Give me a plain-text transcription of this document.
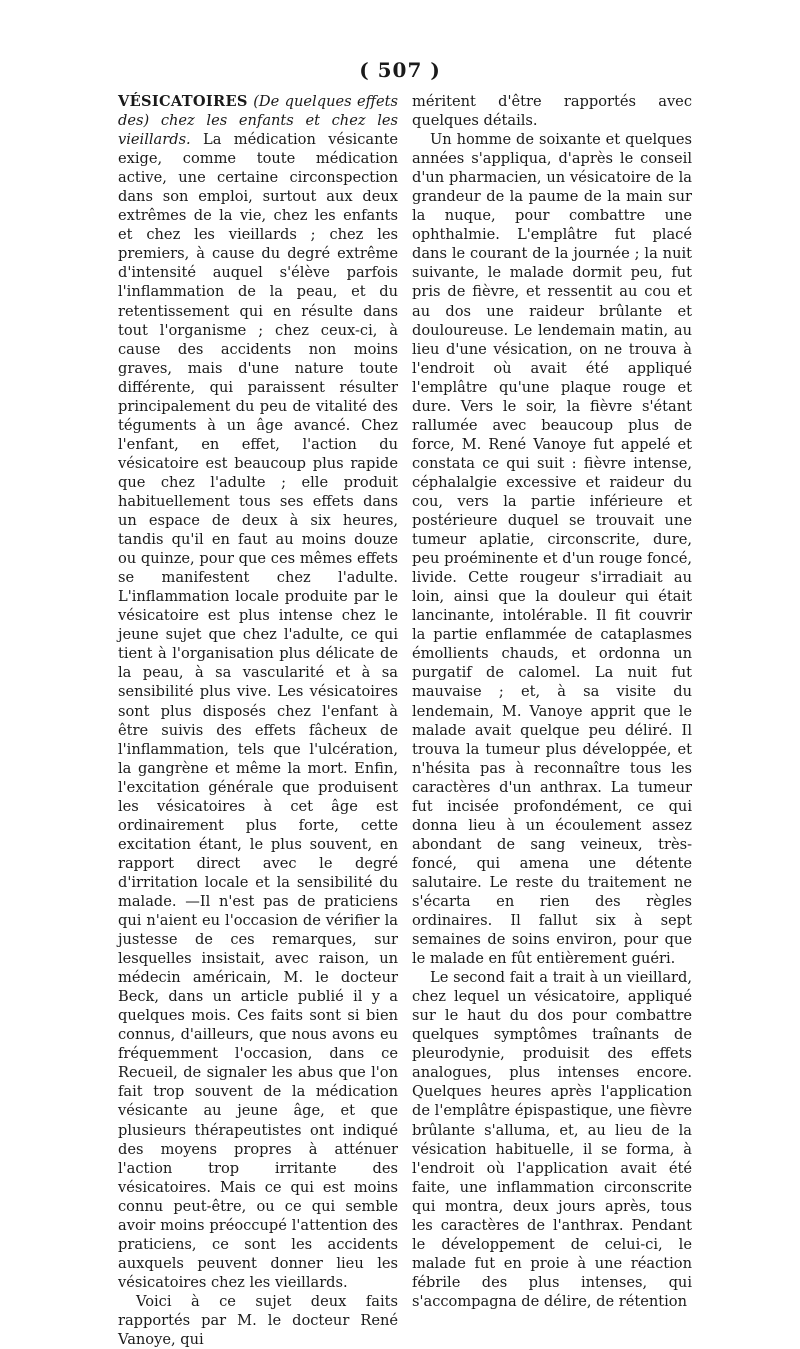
( 507 )

VÉSICATOIRES (De quelques effets des) chez les enfants et chez les vieillards. La médication vésicante exige, comme toute médication active, une certaine circonspection dans son emploi, surtout aux deux extrêmes de la vie, chez les enfants et chez les vieillards ; chez les premiers, à cause du degré extrême d'intensité auquel s'élève parfois l'inflammation de la peau, et du retentissement qui en résulte dans tout l'organisme ; chez ceux-ci, à cause des accidents non moins graves, mais d'une nature toute différente, qui paraissent résulter principalement du peu de vitalité des téguments à un âge avancé. Chez l'enfant, en effet, l'action du vésicatoire est beaucoup plus rapide que chez l'adulte ; elle produit habituellement tous ses effets dans un espace de deux à six heures, tandis qu'il en faut au moins douze ou quinze, pour que ces mêmes effets se manifestent chez l'adulte. L'inflammation locale produite par le vésicatoire est plus intense chez le jeune sujet que chez l'adulte, ce qui tient à l'organisation plus délicate de la peau, à sa vascularité et à sa sensibilité plus vive. Les vésicatoires sont plus disposés chez l'enfant à être suivis des effets fâcheux de l'inflammation, tels que l'ulcération, la gangrène et même la mort. Enfin, l'excitation générale que produisent les vésicatoires à cet âge est ordinairement plus forte, cette excitation étant, le plus souvent, en rapport direct avec le degré d'irritation locale et la sensibilité du malade. —Il n'est pas de praticiens qui n'aient eu l'occasion de vérifier la justesse de ces remarques, sur lesquelles insistait, avec raison, un médecin américain, M. le docteur Beck, dans un article publié il y a quelques mois. Ces faits sont si bien connus, d'ailleurs, que nous avons eu fréquemment l'occasion, dans ce Recueil, de signaler les abus que l'on fait trop souvent de la médication vésicante au jeune âge, et que plusieurs thérapeutistes ont indiqué des moyens propres à atténuer l'action trop irritante des vésicatoires. Mais ce qui est moins connu peut-être, ou ce qui semble avoir moins préoccupé l'attention des praticiens, ce sont les accidents auxquels peuvent donner lieu les vésicatoires chez les vieillards.

Voici à ce sujet deux faits rapportés par M. le docteur René Vanoye, qui

méritent d'être rapportés avec quelques détails.

Un homme de soixante et quelques années s'appliqua, d'après le conseil d'un pharmacien, un vésicatoire de la grandeur de la paume de la main sur la nuque, pour combattre une ophthalmie. L'emplâtre fut placé dans le courant de la journée ; la nuit suivante, le malade dormit peu, fut pris de fièvre, et ressentit au cou et au dos une raideur brûlante et douloureuse. Le lendemain matin, au lieu d'une vésication, on ne trouva à l'endroit où avait été appliqué l'emplâtre qu'une plaque rouge et dure. Vers le soir, la fièvre s'étant rallumée avec beaucoup plus de force, M. René Vanoye fut appelé et constata ce qui suit : fièvre intense, céphalalgie excessive et raideur du cou, vers la partie inférieure et postérieure duquel se trouvait une tumeur aplatie, circonscrite, dure, peu proéminente et d'un rouge foncé, livide. Cette rougeur s'irradiait au loin, ainsi que la douleur qui était lancinante, intolérable. Il fit couvrir la partie enflammée de cataplasmes émollients chauds, et ordonna un purgatif de calomel. La nuit fut mauvaise ; et, à sa visite du lendemain, M. Vanoye apprit que le malade avait quelque peu déliré. Il trouva la tumeur plus développée, et n'hésita pas à reconnaître tous les caractères d'un anthrax. La tumeur fut incisée profondément, ce qui donna lieu à un écoulement assez abondant de sang veineux, très-foncé, qui amena une détente salutaire. Le reste du traitement ne s'écarta en rien des règles ordinaires. Il fallut six à sept semaines de soins environ, pour que le malade en fût entièrement guéri.

Le second fait a trait à un vieillard, chez lequel un vésicatoire, appliqué sur le haut du dos pour combattre quelques symptômes traînants de pleurodynie, produisit des effets analogues, plus intenses encore. Quelques heures après l'application de l'emplâtre épispastique, une fièvre brûlante s'alluma, et, au lieu de la vésication habituelle, il se forma, à l'endroit où l'application avait été faite, une inflammation circonscrite qui montra, deux jours après, tous les caractères de l'anthrax. Pendant le développement de celui-ci, le malade fut en proie à une réaction fébrile des plus intenses, qui s'accompagna de délire, de rétention
